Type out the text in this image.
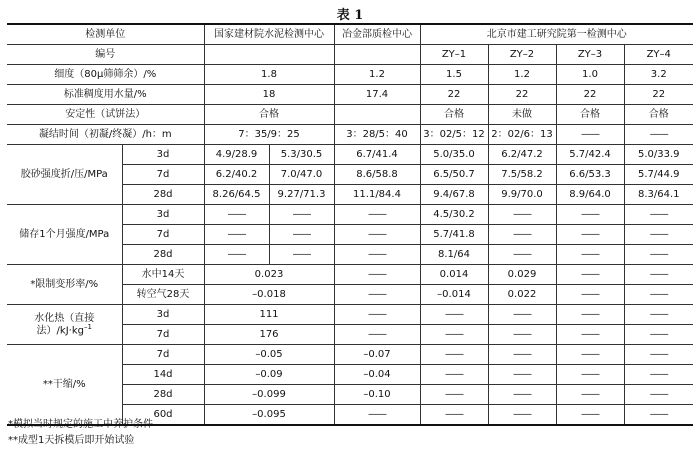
表 1
检测单位		国家建材院水泥检测中心		冶金部质检中心	北京市建工研究院第一检测中心			
编号					ZY–1	ZY–2	ZY–3	ZY–4
细度（80μ筛筛余）/%		1.8		1.2	1.5	1.2	1.0	3.2
标准稠度用水量/%		18		17.4	22	22	22	22
安定性（试饼法）		合格			合格	未做	合格	合格
凝结时间（初凝/终凝）/h：m		7：35/9：25		3：28/5：40	3：02/5：12	2：02/6：13	——	——
胶砂强度折/压/MPa	3d	4.9/28.9	5.3/30.5	6.7/41.4	5.0/35.0	6.2/47.2	5.7/42.4	5.0/33.9
	7d	6.2/40.2	7.0/47.0	8.6/58.8	6.5/50.7	7.5/58.2	6.6/53.3	5.7/44.9
	28d	8.26/64.5	9.27/71.3	11.1/84.4	9.4/67.8	9.9/70.0	8.9/64.0	8.3/64.1
储存1个月强度/MPa	3d	——	——	——	4.5/30.2	——	——	——
	7d	——	——	——	5.7/41.8	——	——	——
	28d	——	——	——	8.1/64	——	——	——
*限制变形率/%	水中14天	0.023		——	0.014	0.029	——	——
	转空气28天	–0.018		——	–0.014	0.022	——	——
水化热（直接法）$/kJ\cdot kg^{-1}$	3d	111		——	——	——	——	——
	7d	176		——	——	——	——	——
**干缩/%	7d	–0.05		–0.07	——	——	——	——
	14d	–0.09		–0.04	——	——	——	——
	28d	–0.099		–0.10	——	——	——	——
	60d	–0.095		——	——	——	——	——
*模拟当时规定的施工中养护条件
**成型1天拆模后即开始试验
